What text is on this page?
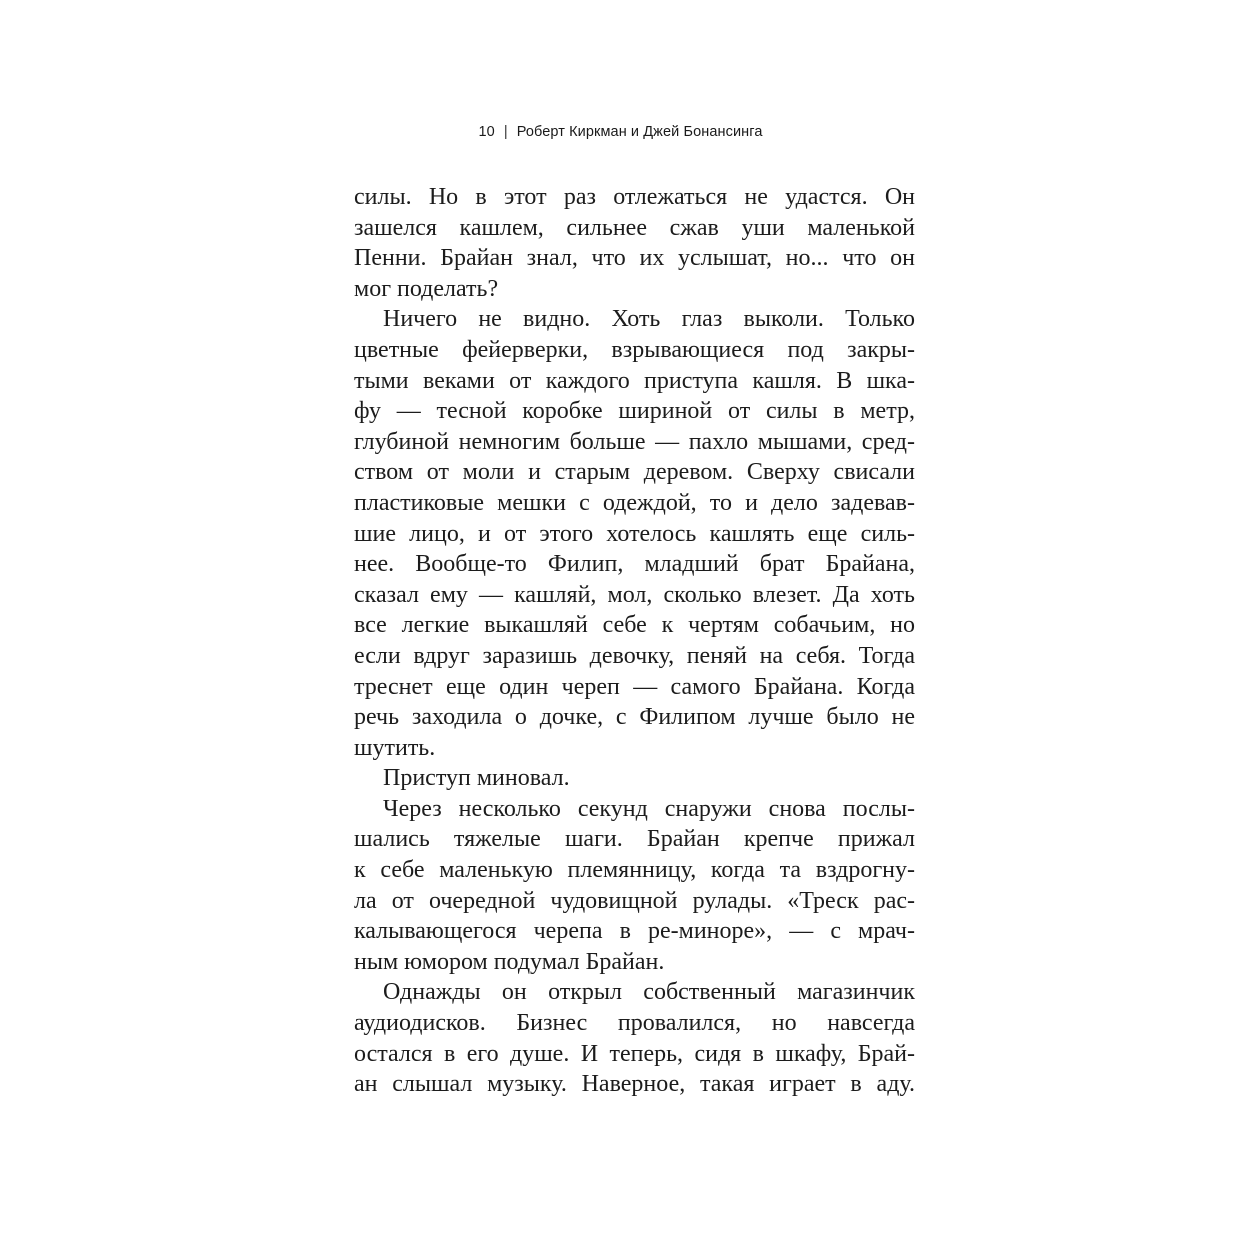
10 | Роберт Киркман и Джей Бонансинга

силы. Но в этот раз отлежаться не удастся. Он
зашелся кашлем, сильнее сжав уши маленькой
Пенни. Брайан знал, что их услышат, но... что он
мог поделать?

Ничего не видно. Хоть глаз выколи. Только
цветные фейерверки, взрывающиеся под закры-
тыми веками от каждого приступа кашля. В шка-
фу — тесной коробке шириной от силы в метр,
глубиной немногим больше — пахло мышами, сред-
ством от моли и старым деревом. Сверху свисали
пластиковые мешки с одеждой, то и дело задевав-
шие лицо, и от этого хотелось кашлять еще силь-
нее. Вообще-то Филип, младший брат Брайана,
сказал ему — кашляй, мол, сколько влезет. Да хоть
все легкие выкашляй себе к чертям собачьим, но
если вдруг заразишь девочку, пеняй на себя. Тогда
треснет еще один череп — самого Брайана. Когда
речь заходила о дочке, с Филипом лучше было не
шутить.

Приступ миновал.

Через несколько секунд снаружи снова послы-
шались тяжелые шаги. Брайан крепче прижал
к себе маленькую племянницу, когда та вздрогну-
ла от очередной чудовищной рулады. «Треск рас-
калывающегося черепа в ре-миноре», — с мрач-
ным юмором подумал Брайан.

Однажды он открыл собственный магазинчик
аудиодисков. Бизнес провалился, но навсегда
остался в его душе. И теперь, сидя в шкафу, Брай-
ан слышал музыку. Наверное, такая играет в аду.
